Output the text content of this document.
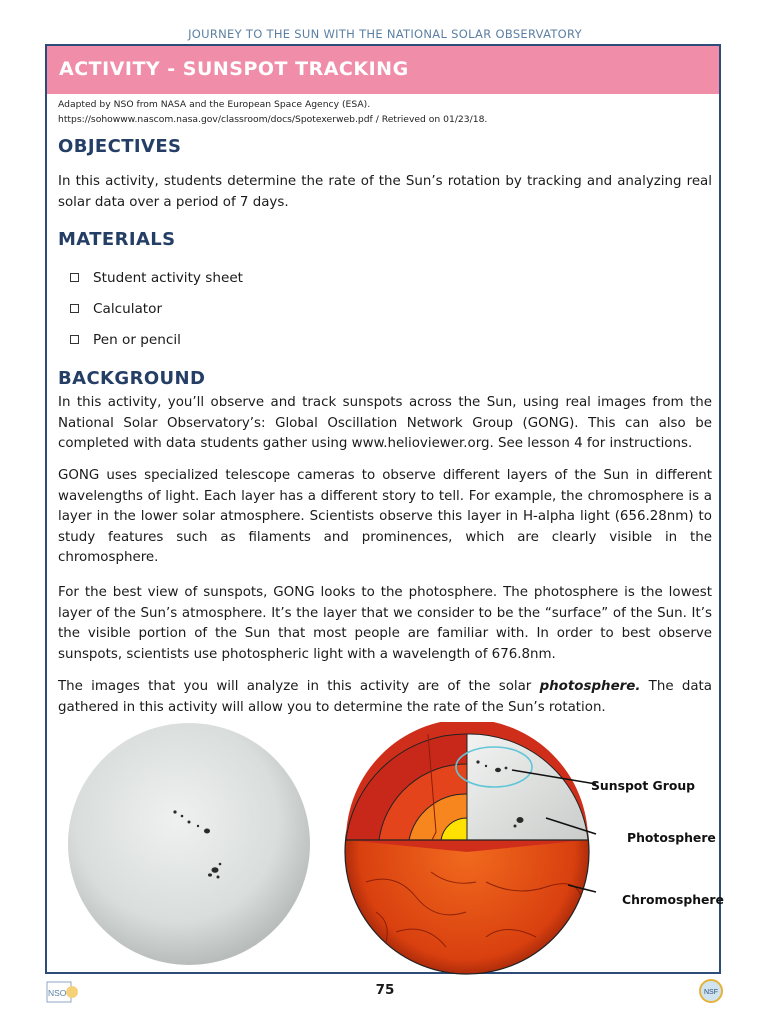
JOURNEY TO THE SUN WITH THE NATIONAL SOLAR OBSERVATORY
ACTIVITY - SUNSPOT TRACKING
Adapted by NSO from NASA and the European Space Agency (ESA).
https://sohowww.nascom.nasa.gov/classroom/docs/Spotexerweb.pdf / Retrieved on 01/23/18.
OBJECTIVES

In this activity, students determine the rate of the Sun’s rotation by tracking and analyzing real solar data over a period of 7 days.

MATERIALS
Student activity sheet
Calculator
Pen or pencil
BACKGROUND

In this activity, you’ll observe and track sunspots across the Sun, using real images from the National Solar Observatory’s: Global Oscillation Network Group (GONG). This can also be completed with data students gather using www.helioviewer.org. See lesson 4 for instructions.

GONG uses specialized telescope cameras to observe different layers of the Sun in different wavelengths of light. Each layer has a different story to tell. For example, the chromosphere is a layer in the lower solar atmosphere. Scientists observe this layer in H-alpha light (656.28nm) to study features such as filaments and prominences, which are clearly visible in the chromosphere.

For the best view of sunspots, GONG looks to the photosphere. The photosphere is the lowest layer of the Sun’s atmosphere. It’s the layer that we consider to be the “surface” of the Sun. It’s the visible portion of the Sun that most people are familiar with. In order to best observe sunspots, scientists use photospheric light with a wavelength of 676.8nm.

The images that you will analyze in this activity are of the solar photosphere. The data gathered in this activity will allow you to determine the rate of the Sun’s rotation.

Sunspot Group
Photosphere
Chromosphere
NSO	75	NSF
